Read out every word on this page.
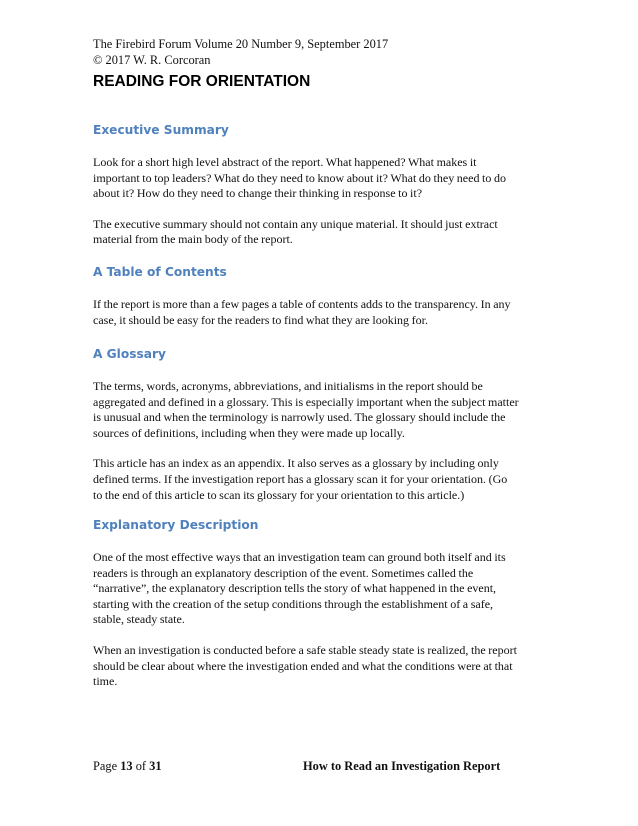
The Firebird Forum Volume 20 Number 9, September 2017

© 2017 W. R. Corcoran

READING FOR ORIENTATION
Executive Summary

Look for a short high level abstract of the report. What happened? What makes it
important to top leaders? What do they need to know about it? What do they need to do
about it? How do they need to change their thinking in response to it?

The executive summary should not contain any unique material. It should just extract
material from the main body of the report.

A Table of Contents

If the report is more than a few pages a table of contents adds to the transparency. In any
case, it should be easy for the readers to find what they are looking for.

A Glossary

The terms, words, acronyms, abbreviations, and initialisms in the report should be
aggregated and defined in a glossary. This is especially important when the subject matter
is unusual and when the terminology is narrowly used. The glossary should include the
sources of definitions, including when they were made up locally.

This article has an index as an appendix. It also serves as a glossary by including only
defined terms. If the investigation report has a glossary scan it for your orientation. (Go
to the end of this article to scan its glossary for your orientation to this article.)

Explanatory Description

One of the most effective ways that an investigation team can ground both itself and its
readers is through an explanatory description of the event. Sometimes called the
“narrative”, the explanatory description tells the story of what happened in the event,
starting with the creation of the setup conditions through the establishment of a safe,
stable, steady state.

When an investigation is conducted before a safe stable steady state is realized, the report
should be clear about where the investigation ended and what the conditions were at that
time.

Page 13 of 31	How to Read an Investigation Report
